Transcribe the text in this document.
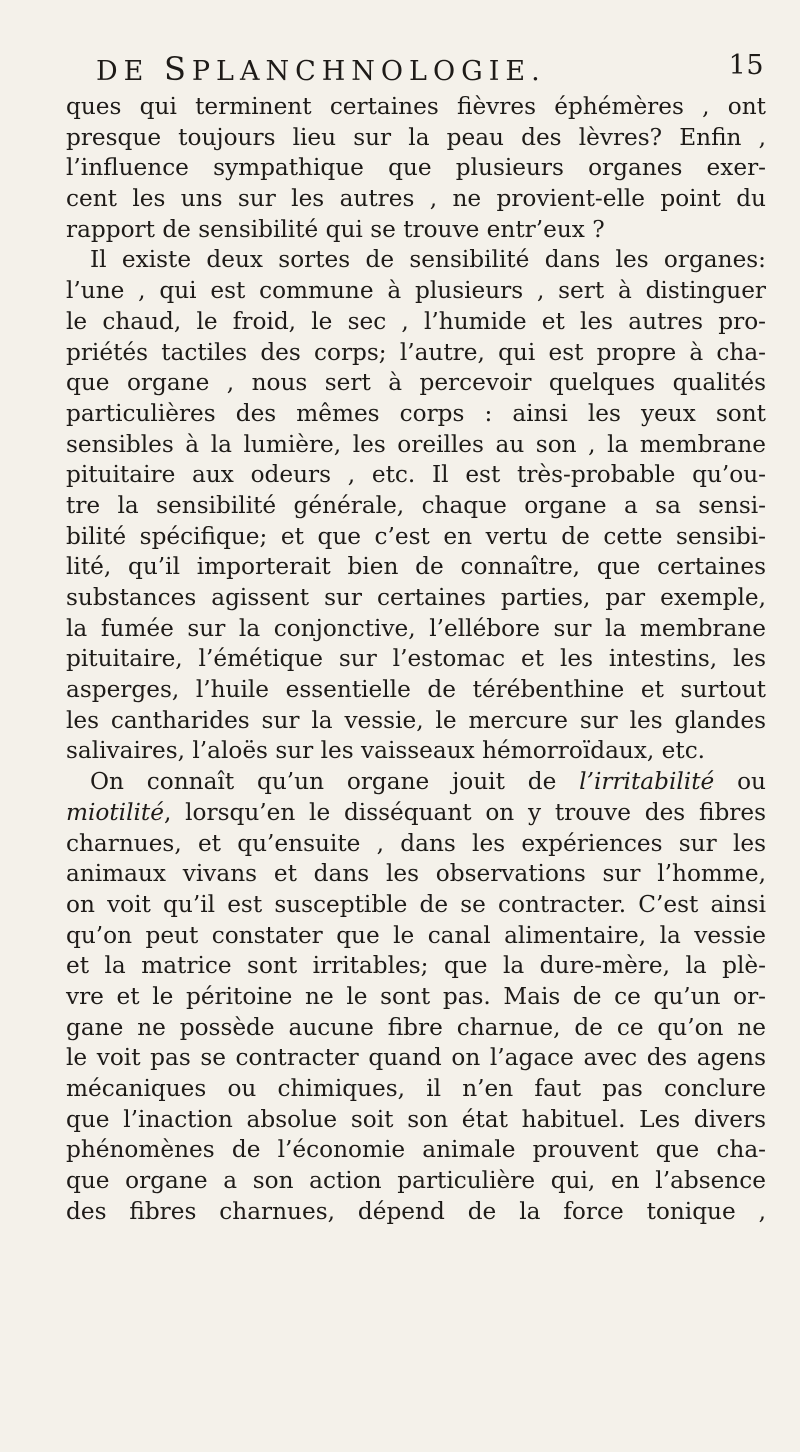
DE SPLANCHNOLOGIE.	15
ques qui terminent certaines fièvres éphémères , ont
presque toujours lieu sur la peau des lèvres? Enfin ,
l’influence sympathique que plusieurs organes exer-
cent les uns sur les autres , ne provient-elle point du
rapport de sensibilité qui se trouve entr’eux ?
Il existe deux sortes de sensibilité dans les organes:
l’une , qui est commune à plusieurs , sert à distinguer
le chaud, le froid, le sec , l’humide et les autres pro-
priétés tactiles des corps; l’autre, qui est propre à cha-
que organe , nous sert à percevoir quelques qualités
particulières des mêmes corps : ainsi les yeux sont
sensibles à la lumière, les oreilles au son , la membrane
pituitaire aux odeurs , etc. Il est très-probable qu’ou-
tre la sensibilité générale, chaque organe a sa sensi-
bilité spécifique; et que c’est en vertu de cette sensibi-
lité, qu’il importerait bien de connaître, que certaines
substances agissent sur certaines parties, par exemple,
la fumée sur la conjonctive, l’ellébore sur la membrane
pituitaire, l’émétique sur l’estomac et les intestins, les
asperges, l’huile essentielle de térébenthine et surtout
les cantharides sur la vessie, le mercure sur les glandes
salivaires, l’aloës sur les vaisseaux hémorroïdaux, etc.
On connaît qu’un organe jouit de l’irritabilité ou
miotilité, lorsqu’en le disséquant on y trouve des fibres
charnues, et qu’ensuite , dans les expériences sur les
animaux vivans et dans les observations sur l’homme,
on voit qu’il est susceptible de se contracter. C’est ainsi
qu’on peut constater que le canal alimentaire, la vessie
et la matrice sont irritables; que la dure-mère, la plè-
vre et le péritoine ne le sont pas. Mais de ce qu’un or-
gane ne possède aucune fibre charnue, de ce qu’on ne
le voit pas se contracter quand on l’agace avec des agens
mécaniques ou chimiques, il n’en faut pas conclure
que l’inaction absolue soit son état habituel. Les divers
phénomènes de l’économie animale prouvent que cha-
que organe a son action particulière qui, en l’absence
des fibres charnues, dépend de la force tonique ,
